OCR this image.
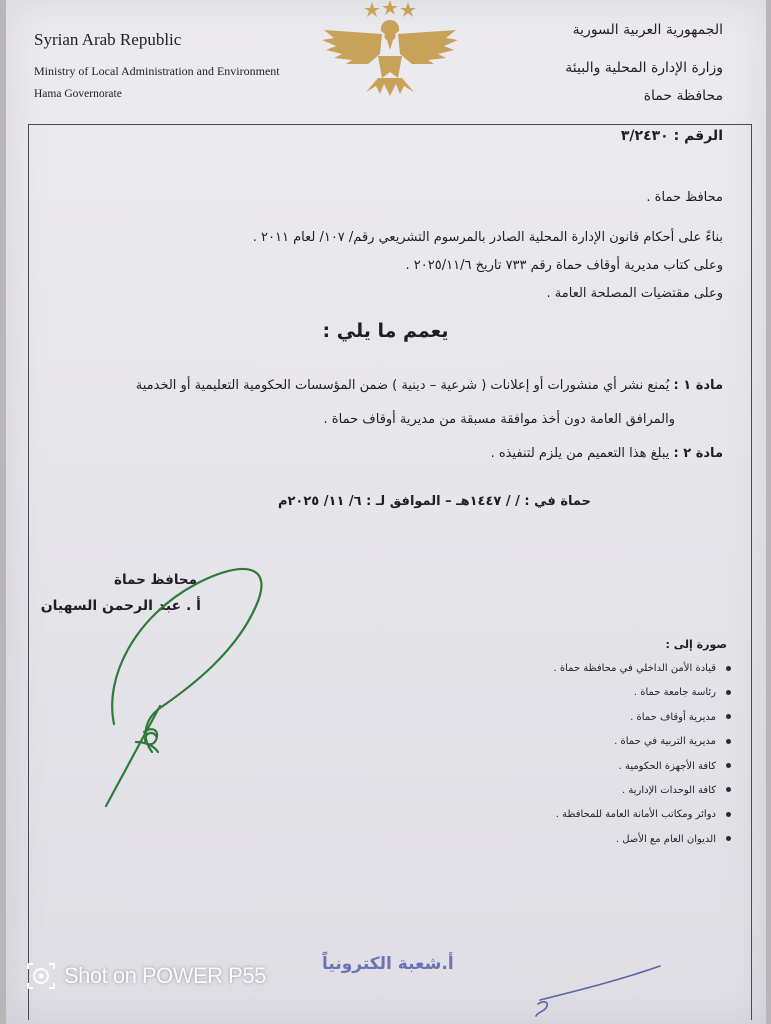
Syrian Arab Republic
Ministry of Local Administration and Environment
Hama Governorate
الجمهورية العربية السورية
وزارة الإدارة المحلية والبيئة
محافظة حماة
الرقم : ٣/٢٤٣٠
محافظ حماة .
بناءً على أحكام قانون الإدارة المحلية الصادر بالمرسوم التشريعي رقم/ ١٠٧/ لعام ٢٠١١ .
وعلى كتاب مديرية أوقاف حماة رقم ٧٣٣ تاريخ ٢٠٢٥/١١/٦ .
وعلى مقتضيات المصلحة العامة .
يعمم ما يلي :
مادة ١ : يُمنع نشر أي منشورات أو إعلانات ( شرعية – دينية ) ضمن المؤسسات الحكومية التعليمية أو الخدمية
والمرافق العامة دون أخذ موافقة مسبقة من مديرية أوقاف حماة .
مادة ٢ : يبلغ هذا التعميم من يلزم لتنفيذه .
حماة في : / / ١٤٤٧هـ – الموافق لـ : ٦/ ١١/ ٢٠٢٥م
محافظ حماة
أ . عبد الرحمن السهيان
صورة إلى :
قيادة الأمن الداخلي في محافظة حماة .
رئاسة جامعة حماة .
مديرية أوقاف حماة .
مديرية التربية في حماة .
كافة الأجهزة الحكومية .
كافة الوحدات الإدارية .
دوائر ومكاتب الأمانة العامة للمحافظة .
الديوان العام مع الأصل .
أ.شعبة الكترونياً
Shot on POWER P55
